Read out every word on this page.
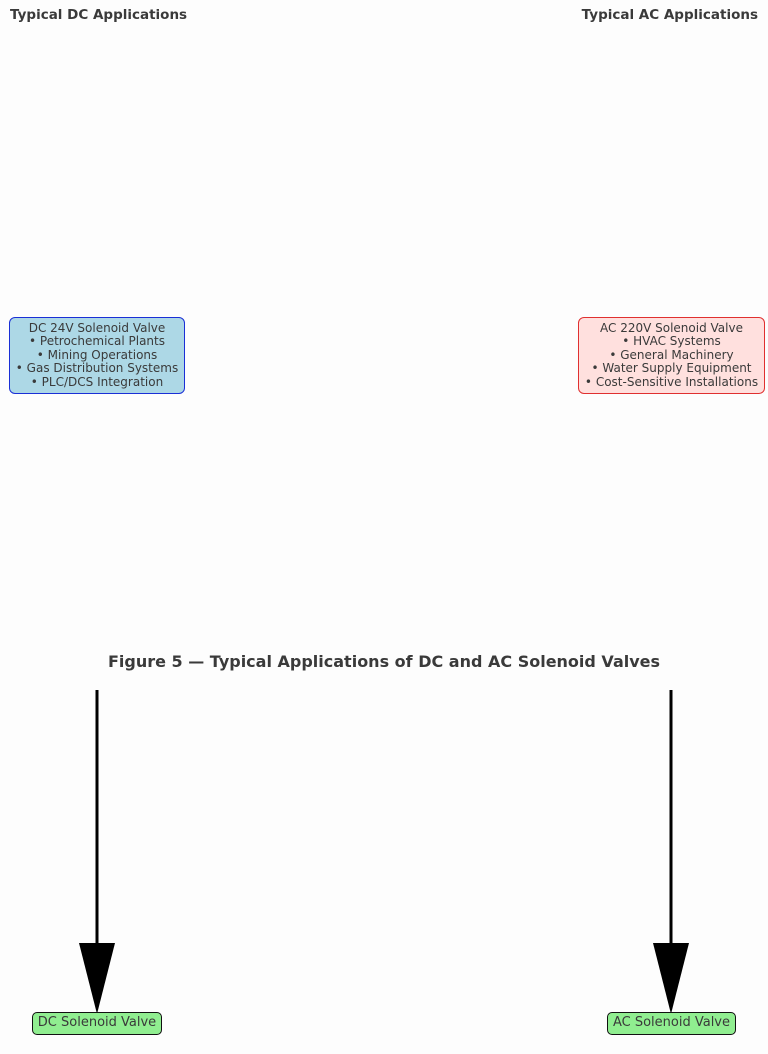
Typical DC Applications	Typical AC Applications
DC 24V Solenoid Valve
• Petrochemical Plants
• Mining Operations
• Gas Distribution Systems
• PLC/DCS Integration
AC 220V Solenoid Valve
• HVAC Systems
• General Machinery
• Water Supply Equipment
• Cost-Sensitive Installations
Figure 5 — Typical Applications of DC and AC Solenoid Valves
DC Solenoid Valve	AC Solenoid Valve
